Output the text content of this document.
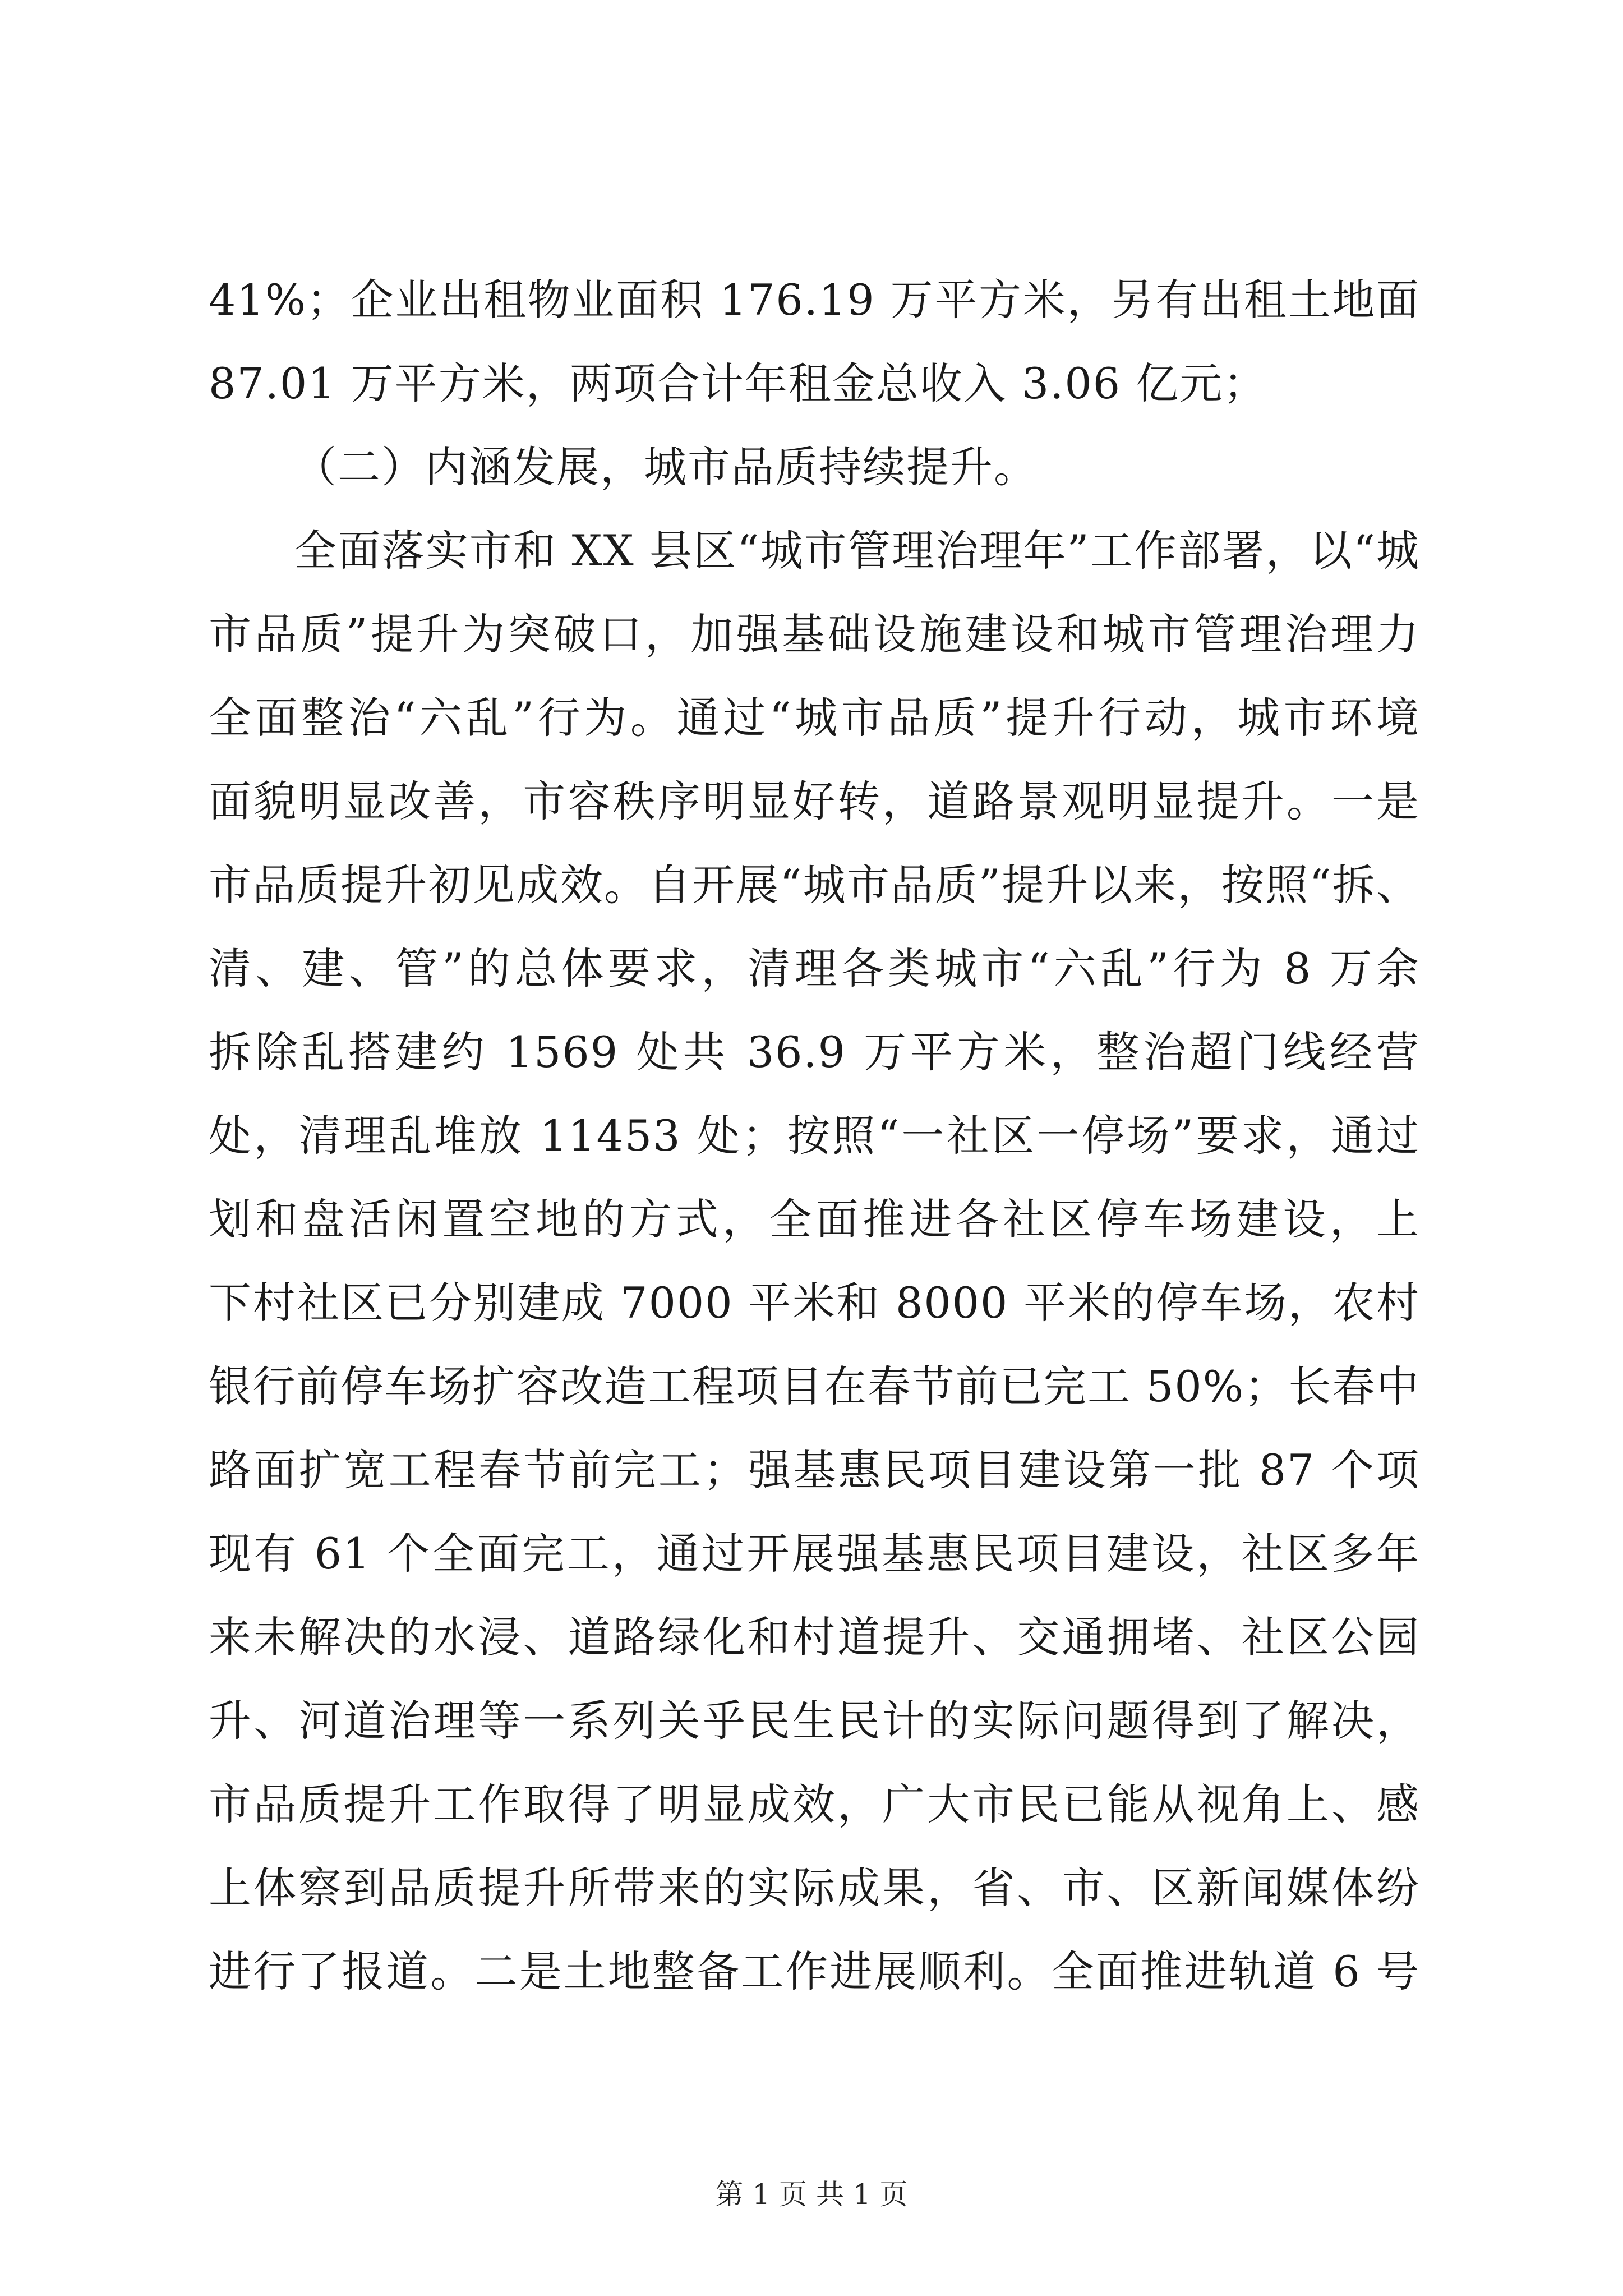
41%；企业出租物业面积 176.19 万平方米，另有出租土地面
87.01 万平方米，两项合计年租金总收入 3.06 亿元；
（二）内涵发展，城市品质持续提升。
全面落实市和 XX 县区“城市管理治理年”工作部署，以“城
市品质”提升为突破口，加强基础设施建设和城市管理治理力
全面整治“六乱”行为。通过“城市品质”提升行动，城市环境
面貌明显改善，市容秩序明显好转，道路景观明显提升。一是
市品质提升初见成效。自开展“城市品质”提升以来，按照“拆、
清、建、管”的总体要求，清理各类城市“六乱”行为 8 万余
拆除乱搭建约 1569 处共 36.9 万平方米，整治超门线经营
处，清理乱堆放 11453 处；按照“一社区一停场”要求，通过
划和盘活闲置空地的方式，全面推进各社区停车场建设，上
下村社区已分别建成 7000 平米和 8000 平米的停车场，农村
银行前停车场扩容改造工程项目在春节前已完工 50%；长春中
路面扩宽工程春节前完工；强基惠民项目建设第一批 87 个项
现有 61 个全面完工，通过开展强基惠民项目建设，社区多年
来未解决的水浸、道路绿化和村道提升、交通拥堵、社区公园
升、河道治理等一系列关乎民生民计的实际问题得到了解决，
市品质提升工作取得了明显成效，广大市民已能从视角上、感
上体察到品质提升所带来的实际成果，省、市、区新闻媒体纷
进行了报道。二是土地整备工作进展顺利。全面推进轨道 6 号
第 1 页 共 1 页
